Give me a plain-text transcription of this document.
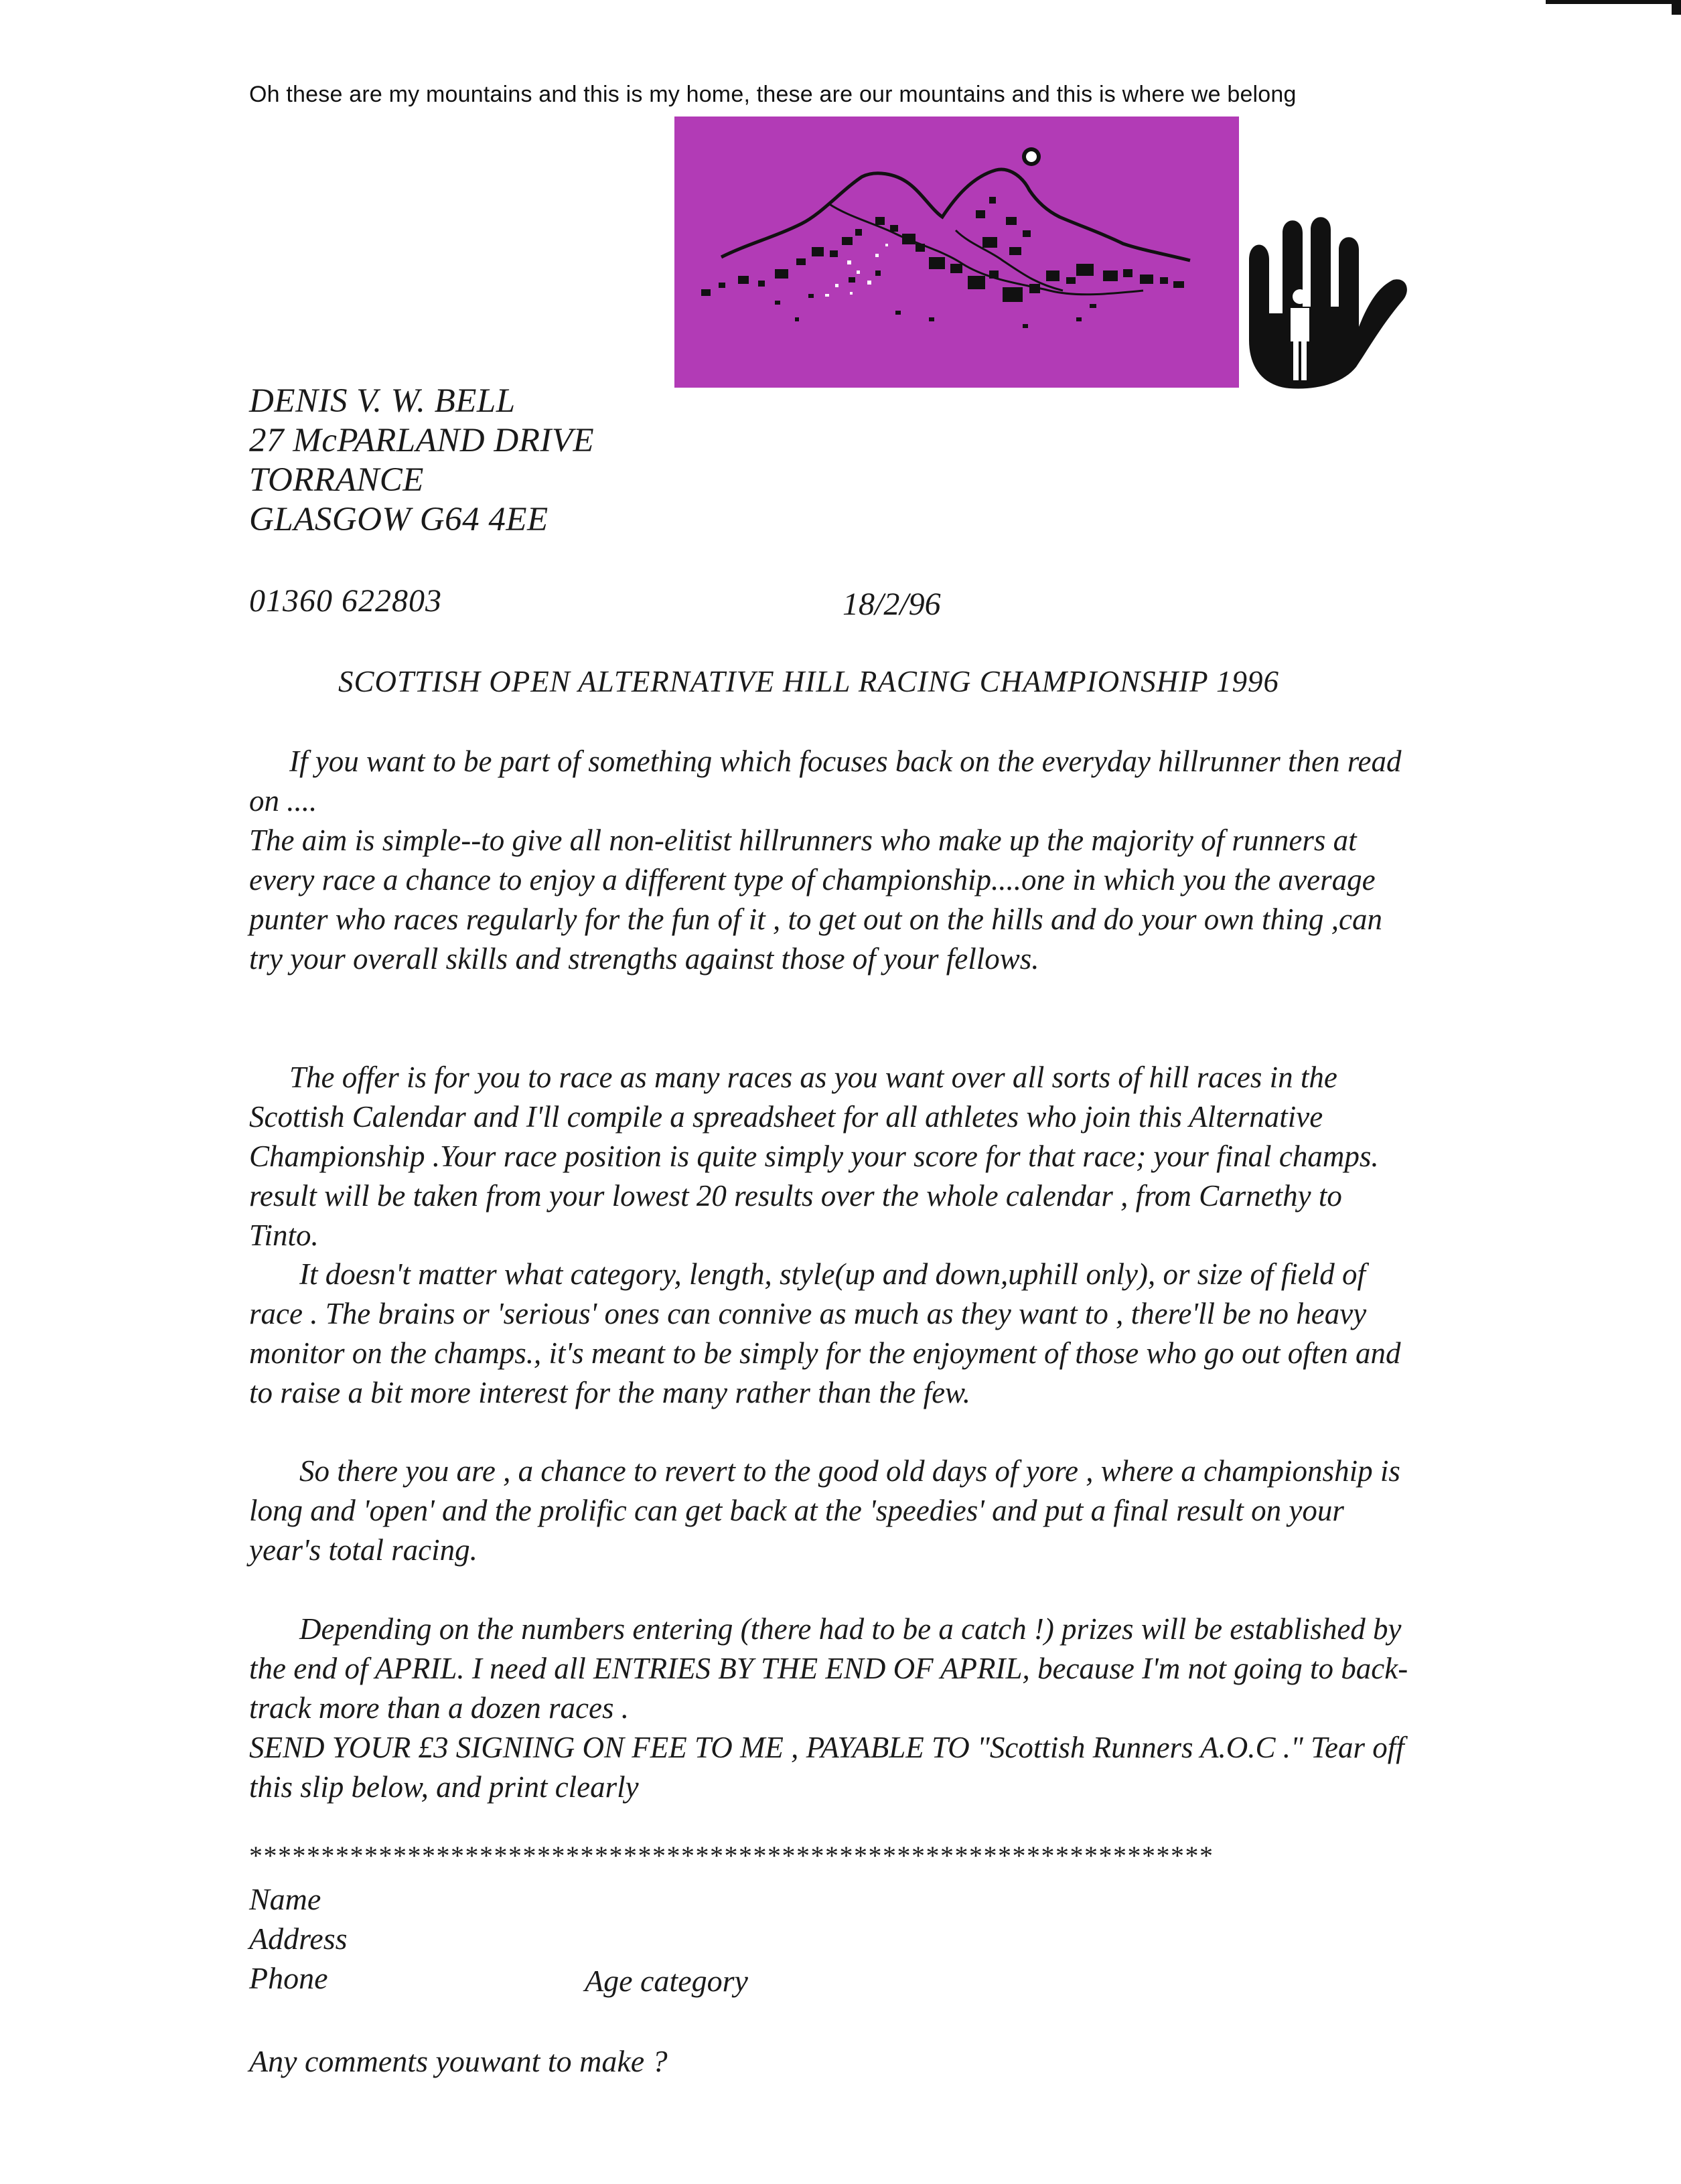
Oh these are my mountains and this is my home, these are our mountains and this is where we belong
DENIS V. W. BELL
27 McPARLAND DRIVE
TORRANCE
GLASGOW G64 4EE
01360 622803	18/2/96
SCOTTISH OPEN ALTERNATIVE HILL RACING CHAMPIONSHIP 1996

If you want to be part of something which focuses back on the everyday hillrunner then read on ....

The aim is simple--to give all non-elitist hillrunners who make up the majority of runners at every race a chance to enjoy a different type of championship....one in which you the average punter who races regularly for the fun of it , to get out on the hills and do your own thing ,can try your overall skills and strengths against those of your fellows.

The offer is for you to race as many races as you want over all sorts of hill races in the Scottish Calendar and I'll compile a spreadsheet for all athletes who join this Alternative Championship .Your race position is quite simply your score for that race; your final champs. result will be taken from your lowest 20 results over the whole calendar , from Carnethy to Tinto.

It doesn't matter what category, length, style(up and down,uphill only), or size of field of race . The brains or 'serious' ones can connive as much as they want to , there'll be no heavy monitor on the champs., it's meant to be simply for the enjoyment of those who go out often and to raise a bit more interest for the many rather than the few.

So there you are , a chance to revert to the good old days of yore , where a championship is long and 'open' and the prolific can get back at the 'speedies' and put a final result on your year's total racing.

Depending on the numbers entering (there had to be a catch !) prizes will be established by the end of APRIL. I need all ENTRIES BY THE END OF APRIL, because I'm not going to back-track more than a dozen races .

SEND YOUR £3 SIGNING ON FEE TO ME , PAYABLE TO "Scottish Runners A.O.C ." Tear off this slip below, and print clearly

*******************************************************************
Name
Address
Phone	Age category
Any comments youwant to make ?
